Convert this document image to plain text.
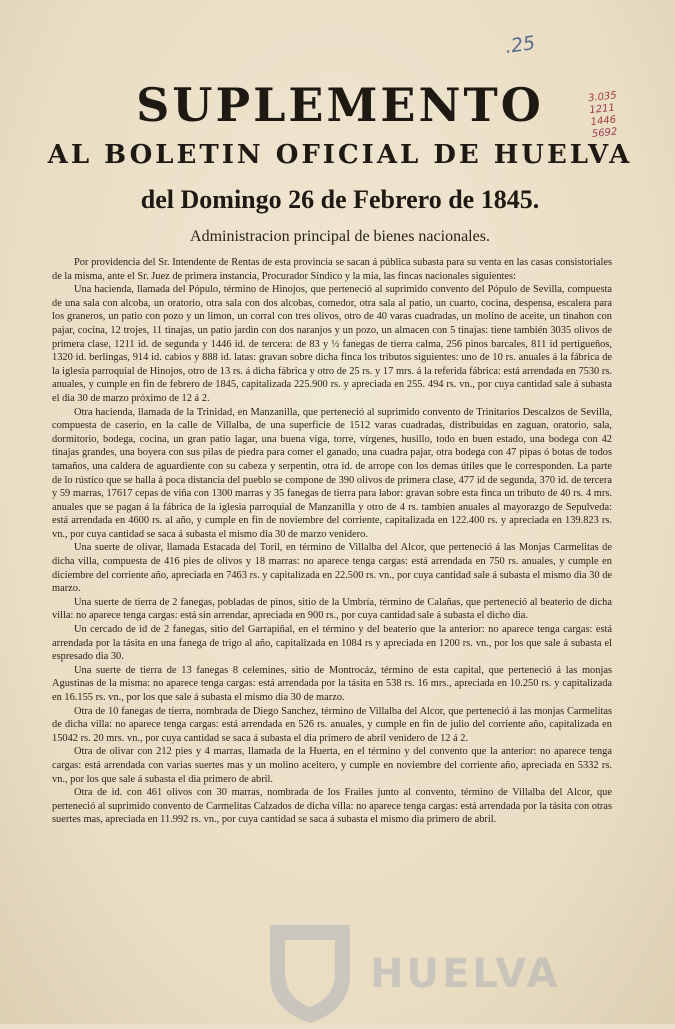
.25
3.035
1211
1446
5692
SUPLEMENTO
AL BOLETIN OFICIAL DE HUELVA
del Domingo 26 de Febrero de 1845.
Administracion principal de bienes nacionales.

Por providencia del Sr. Intendente de Rentas de esta provincia se sacan á pública subasta para su venta en las casas consistoriales de la misma, ante el Sr. Juez de primera instancia, Procurador Síndico y la mia, las fincas nacionales siguientes:

Una hacienda, llamada del Pópulo, término de Hinojos, que perteneció al suprimido convento del Pópulo de Sevilla, compuesta de una sala con alcoba, un oratorio, otra sala con dos alcobas, comedor, otra sala al patio, un cuarto, cocina, despensa, escalera para los graneros, un patio con pozo y un limon, un corral con tres olivos, otro de 40 varas cuadradas, un molino de aceite, un tinahon con pajar, cocina, 12 trojes, 11 tinajas, un patio jardin con dos naranjos y un pozo, un almacen con 5 tinajas: tiene también 3035 olivos de primera clase, 1211 id. de segunda y 1446 id. de tercera: de 83 y ½ fanegas de tierra calma, 256 pinos barcales, 811 id pertigueños, 1320 id. berlingas, 914 id. cabios y 888 id. latas: gravan sobre dicha finca los tributos siguientes: uno de 10 rs. anuales á la fábrica de la iglesia parroquial de Hinojos, otro de 13 rs. á dicha fábrica y otro de 25 rs. y 17 mrs. á la referida fábrica: está arrendada en 7530 rs. anuales, y cumple en fin de febrero de 1845, capitalizada 225.900 rs. y apreciada en 255. 494 rs. vn., por cuya cantidad sale á subasta el dia 30 de marzo próximo de 12 á 2.

Otra hacienda, llamada de la Trinidad, en Manzanilla, que perteneció al suprimido convento de Trinitarios Descalzos de Sevilla, compuesta de caserío, en la calle de Villalba, de una superficie de 1512 varas cuadradas, distribuidas en zaguan, oratorio, sala, dormitorio, bodega, cocina, un gran patio lagar, una buena viga, torre, vírgenes, husillo, todo en buen estado, una bodega con 42 tinajas grandes, una boyera con sus pilas de piedra para comer el ganado, una cuadra pajar, otra bodega con 47 pipas ó botas de todos tamaños, una caldera de aguardiente con su cabeza y serpentin, otra id. de arrope con los demas útiles que le corresponden. La parte de lo rústico que se halla á poca distancia del pueblo se compone de 390 olivos de primera clase, 477 id de segunda, 370 id. de tercera y 59 marras, 17617 cepas de viña con 1300 marras y 35 fanegas de tierra para labor: gravan sobre esta finca un tributo de 40 rs. 4 mrs. anuales que se pagan á la fábrica de la iglesia parroquial de Manzanilla y otro de 4 rs. tambien anuales al mayorazgo de Sepulveda: está arrendada en 4600 rs. al año, y cumple en fin de noviembre del corriente, capitalizada en 122.400 rs. y apreciada en 139.823 rs. vn., por cuya cantidad se saca á subasta el mismo dia 30 de marzo venidero.

Una suerte de olivar, llamada Estacada del Toril, en término de Villalba del Alcor, que perteneció á las Monjas Carmelitas de dicha villa, compuesta de 416 pies de olivos y 18 marras: no aparece tenga cargas: está arrendada en 750 rs. anuales, y cumple en diciembre del corriente año, apreciada en 7463 rs. y capitalizada en 22.500 rs. vn., por cuya cantidad sale á subasta el mismo dia 30 de marzo.

Una suerte de tierra de 2 fanegas, pobladas de pinos, sitio de la Umbría, término de Calañas, que perteneció al beaterio de dicha villa: no aparece tenga cargas: está sin arrendar, apreciada en 900 rs., por cuya cantidad sale á subasta el dicho dia.

Un cercado de id de 2 fanegas, sitio del Garrapiñal, en el término y del beaterio que la anterior: no aparece tenga cargas: está arrendada por la tásita en una fanega de trigo al año, capitalizada en 1084 rs y apreciada en 1200 rs. vn., por los que sale á subasta el espresado dia 30.

Una suerte de tierra de 13 fanegas 8 celemines, sitio de Montrocáz, término de esta capital, que perteneció á las monjas Agustinas de la misma: no aparece tenga cargas: está arrendada por la tásita en 538 rs. 16 mrs., apreciada en 10.250 rs. y capitalizada en 16.155 rs. vn., por los que sale á subasta el mismo dia 30 de marzo.

Otra de 10 fanegas de tierra, nombrada de Diego Sanchez, término de Villalba del Alcor, que perteneció á las monjas Carmelitas de dicha villa: no aparece tenga cargas: está arrendada en 526 rs. anuales, y cumple en fin de julio del corriente año, capitalizada en 15042 rs. 20 mrs. vn., por cuya cantidad se saca á subasta el dia primero de abril venidero de 12 á 2.

Otra de olivar con 212 pies y 4 marras, llamada de la Huerta, en el término y del convento que la anterior: no aparece tenga cargas: está arrendada con varias suertes mas y un molino aceitero, y cumple en noviembre del corriente año, apreciada en 5332 rs. vn., por los que sale á subasta el dia primero de abril.

Otra de id. con 461 olivos con 30 marras, nombrada de los Frailes junto al convento, término de Villalba del Alcor, que perteneció al suprimido convento de Carmelitas Calzados de dicha villa: no aparece tenga cargas: está arrendada por la tásita con otras suertes mas, apreciada en 11.992 rs. vn., por cuya cantidad se saca á subasta el mismo dia primero de abril.

HUELVA
